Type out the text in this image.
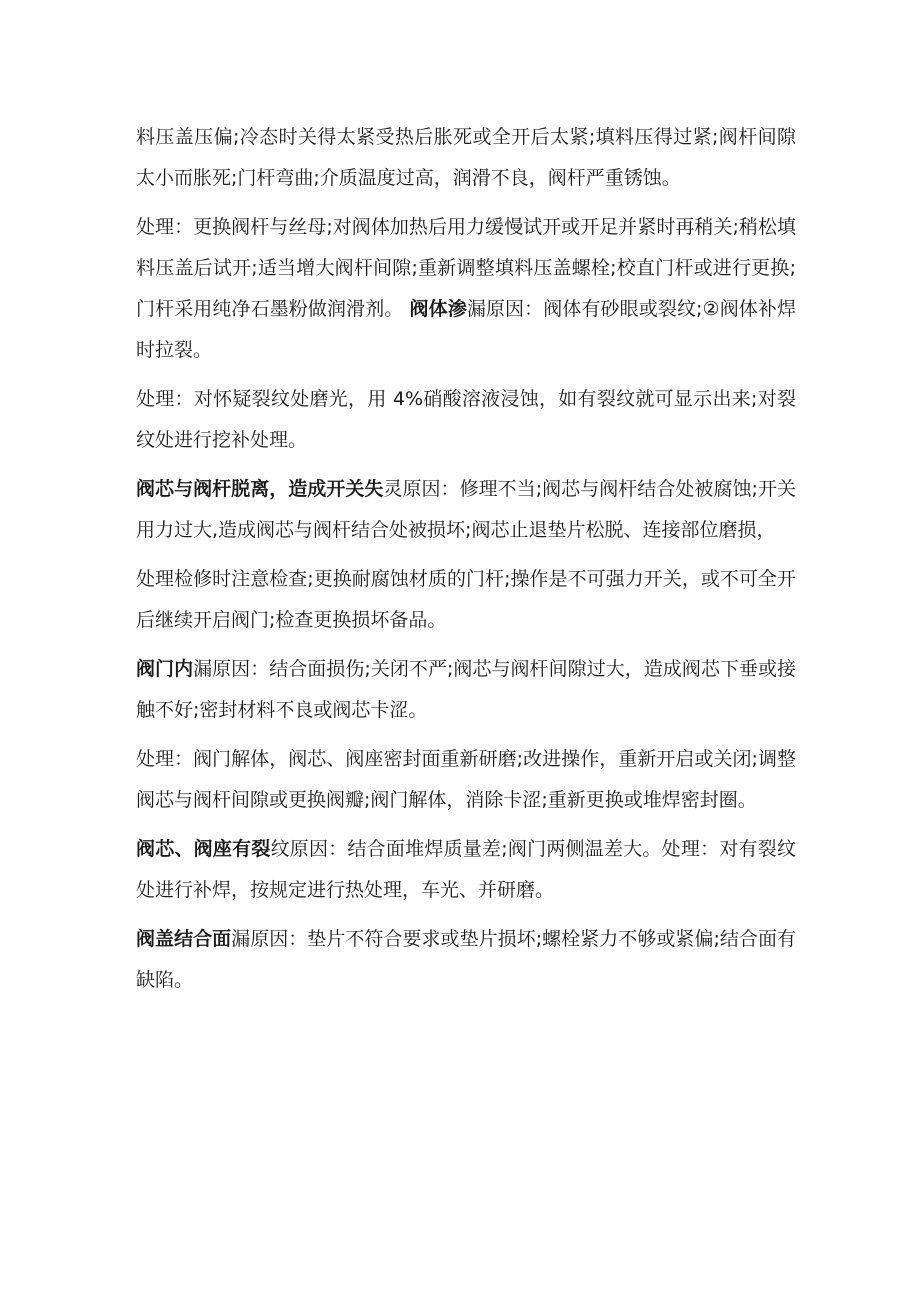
料压盖压偏;冷态时关得太紧受热后胀死或全开后太紧;填料压得过紧;阀杆间隙太小而胀死;门杆弯曲;介质温度过高，润滑不良，阀杆严重锈蚀。

处理：更换阀杆与丝母;对阀体加热后用力缓慢试开或开足并紧时再稍关;稍松填料压盖后试开;适当增大阀杆间隙;重新调整填料压盖螺栓;校直门杆或进行更换;门杆采用纯净石墨粉做润滑剂。 阀体渗漏原因：阀体有砂眼或裂纹;②阀体补焊时拉裂。

处理：对怀疑裂纹处磨光，用 4%硝酸溶液浸蚀，如有裂纹就可显示出来;对裂纹处进行挖补处理。

阀芯与阀杆脱离，造成开关失灵原因：修理不当;阀芯与阀杆结合处被腐蚀;开关用力过大,造成阀芯与阀杆结合处被损坏;阀芯止退垫片松脱、连接部位磨损，

处理检修时注意检查;更换耐腐蚀材质的门杆;操作是不可强力开关，或不可全开后继续开启阀门;检查更换损坏备品。

阀门内漏原因：结合面损伤;关闭不严;阀芯与阀杆间隙过大，造成阀芯下垂或接触不好;密封材料不良或阀芯卡涩。

处理：阀门解体，阀芯、阀座密封面重新研磨;改进操作，重新开启或关闭;调整阀芯与阀杆间隙或更换阀瓣;阀门解体，消除卡涩;重新更换或堆焊密封圈。

阀芯、阀座有裂纹原因：结合面堆焊质量差;阀门两侧温差大。处理：对有裂纹处进行补焊，按规定进行热处理，车光、并研磨。

阀盖结合面漏原因：垫片不符合要求或垫片损坏;螺栓紧力不够或紧偏;结合面有缺陷。
